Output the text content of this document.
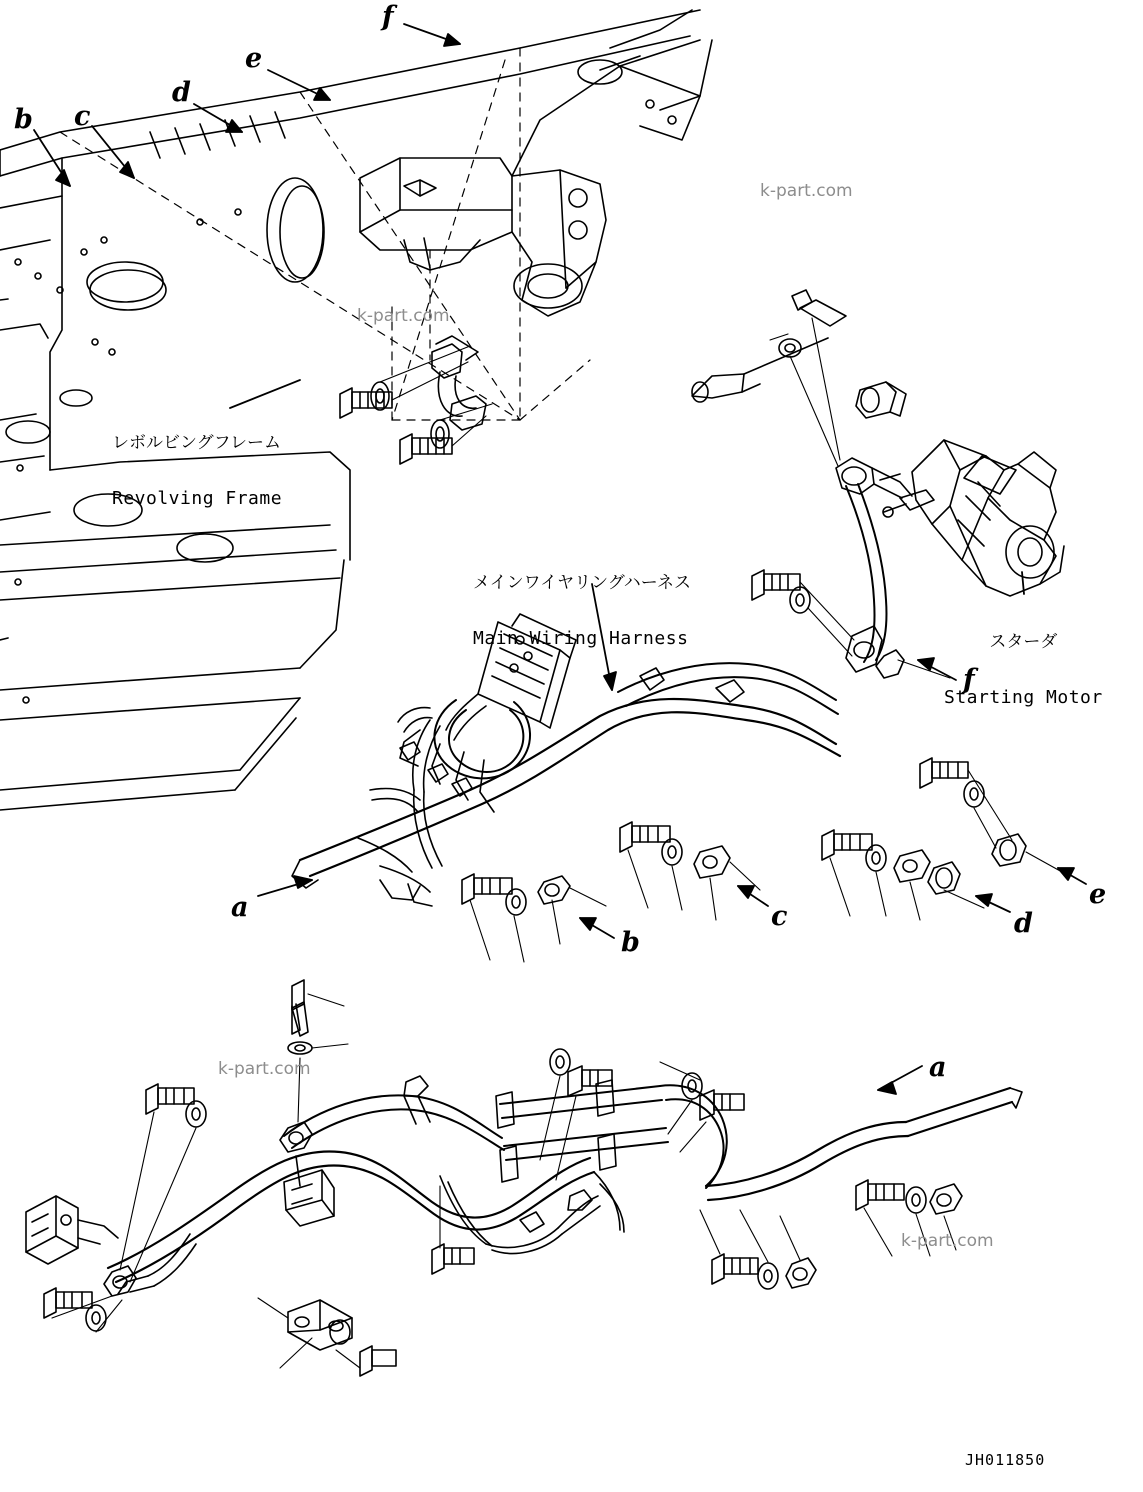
b c
d
e
f
f
a
b
c	d
e
a

レボルビングフレーム

Revolving Frame

メインワイヤリングハーネス

Main Wiring Harness

	スターダ

Starting Motor

k-part.com
k-part.com
k-part.com
k-part.com
JH011850
